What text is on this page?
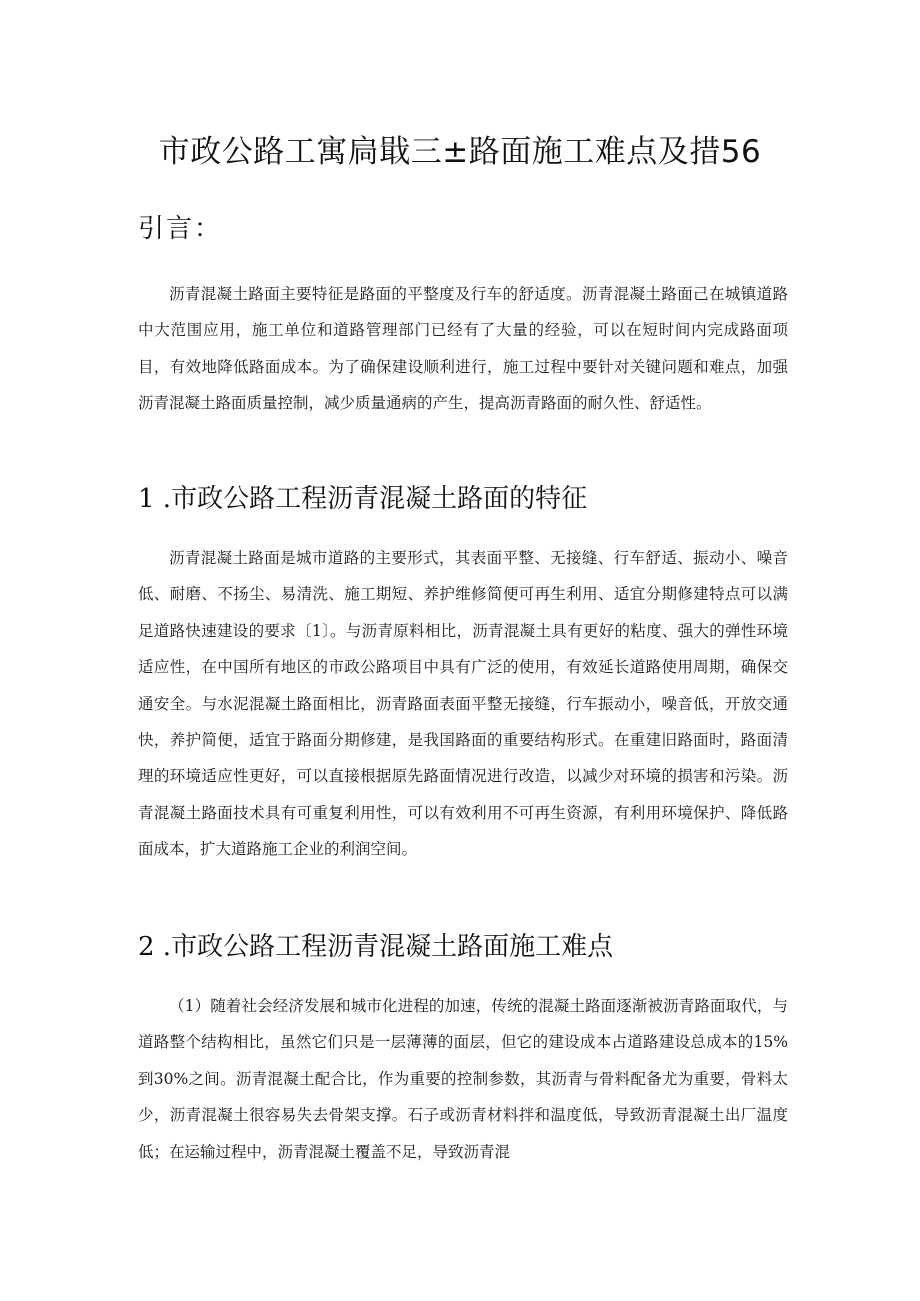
市政公路工寓扃戢三±路面施工难点及措56
引言：

沥青混凝土路面主要特征是路面的平整度及行车的舒适度。沥青混凝土路面己在城镇道路中大范围应用，施工单位和道路管理部门已经有了大量的经验，可以在短时间内完成路面项目，有效地降低路面成本。为了确保建设顺利进行，施工过程中要针对关键问题和难点，加强沥青混凝土路面质量控制，减少质量通病的产生，提高沥青路面的耐久性、舒适性。

1 .市政公路工程沥青混凝土路面的特征

沥青混凝土路面是城市道路的主要形式，其表面平整、无接缝、行车舒适、振动小、噪音低、耐磨、不扬尘、易清洗、施工期短、养护维修简便可再生利用、适宜分期修建特点可以满足道路快速建设的要求〔1〕。与沥青原料相比，沥青混凝土具有更好的粘度、强大的弹性环境适应性，在中国所有地区的市政公路项目中具有广泛的使用，有效延长道路使用周期，确保交通安全。与水泥混凝土路面相比，沥青路面表面平整无接缝，行车振动小，噪音低，开放交通快，养护简便，适宜于路面分期修建，是我国路面的重要结构形式。在重建旧路面时，路面清理的环境适应性更好，可以直接根据原先路面情况进行改造，以减少对环境的损害和污染。沥青混凝土路面技术具有可重复利用性，可以有效利用不可再生资源，有利用环境保护、降低路面成本，扩大道路施工企业的利润空间。

2 .市政公路工程沥青混凝土路面施工难点

（1）随着社会经济发展和城市化进程的加速，传统的混凝土路面逐渐被沥青路面取代，与道路整个结构相比，虽然它们只是一层薄薄的面层，但它的建设成本占道路建设总成本的15%到30%之间。沥青混凝土配合比，作为重要的控制参数，其沥青与骨料配备尤为重要，骨料太少，沥青混凝土很容易失去骨架支撑。石子或沥青材料拌和温度低，导致沥青混凝土出厂温度低；在运输过程中，沥青混凝土覆盖不足，导致沥青混
